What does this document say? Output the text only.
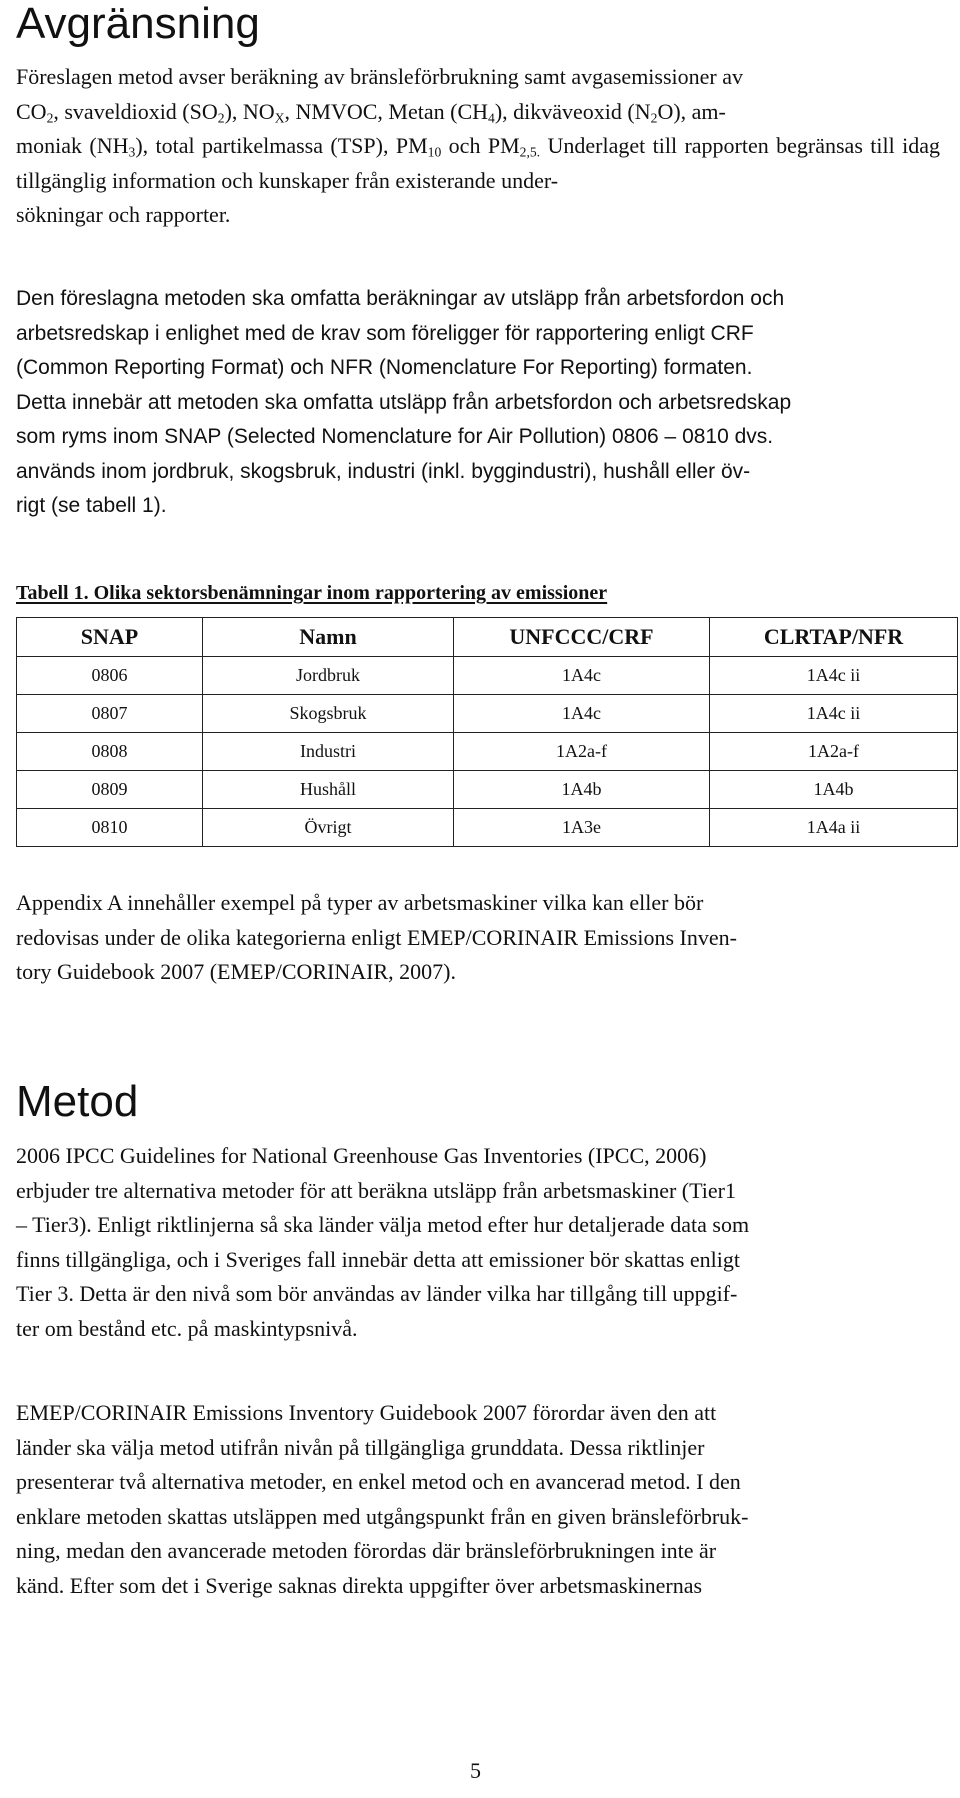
Avgränsning

Föreslagen metod avser beräkning av bränsleförbrukning samt avgasemissioner av
$CO_2$, svaveldioxid $(SO_2)$, $NO_X$, NMVOC, Metan $(CH_4)$, dikväveoxid $(N_2O)$, am-
moniak $(NH_3)$, total partikelmassa (TSP), $PM_{10}$ och $PM_{2,5.}$ Underlaget till rapporten begränsas till idag tillgänglig information och kunskaper från existerande under-
sökningar och rapporter.

Den föreslagna metoden ska omfatta beräkningar av utsläpp från arbetsfordon och
arbetsredskap i enlighet med de krav som föreligger för rapportering enligt CRF
(Common Reporting Format) och NFR (Nomenclature For Reporting) formaten.
Detta innebär att metoden ska omfatta utsläpp från arbetsfordon och arbetsredskap
som ryms inom SNAP (Selected Nomenclature for Air Pollution) 0806 – 0810 dvs.
används inom jordbruk, skogsbruk, industri (inkl. byggindustri), hushåll eller öv-
rigt (se tabell 1).

Tabell 1. Olika sektorsbenämningar inom rapportering av emissioner
SNAP	Namn	UNFCCC/CRF	CLRTAP/NFR
0806	Jordbruk	1A4c	1A4c ii
0807	Skogsbruk	1A4c	1A4c ii
0808	Industri	1A2a-f	1A2a-f
0809	Hushåll	1A4b	1A4b
0810	Övrigt	1A3e	1A4a ii

Appendix A innehåller exempel på typer av arbetsmaskiner vilka kan eller bör
redovisas under de olika kategorierna enligt EMEP/CORINAIR Emissions Inven-
tory Guidebook 2007 (EMEP/CORINAIR, 2007).

Metod

2006 IPCC Guidelines for National Greenhouse Gas Inventories (IPCC, 2006)
erbjuder tre alternativa metoder för att beräkna utsläpp från arbetsmaskiner (Tier1
– Tier3). Enligt riktlinjerna så ska länder välja metod efter hur detaljerade data som
finns tillgängliga, och i Sveriges fall innebär detta att emissioner bör skattas enligt
Tier 3. Detta är den nivå som bör användas av länder vilka har tillgång till uppgif-
ter om bestånd etc. på maskintypsnivå.

EMEP/CORINAIR Emissions Inventory Guidebook 2007 förordar även den att
länder ska välja metod utifrån nivån på tillgängliga grunddata. Dessa riktlinjer
presenterar två alternativa metoder, en enkel metod och en avancerad metod. I den
enklare metoden skattas utsläppen med utgångspunkt från en given bränsleförbruk-
ning, medan den avancerade metoden förordas där bränsleförbrukningen inte är
känd. Efter som det i Sverige saknas direkta uppgifter över arbetsmaskinernas

5
